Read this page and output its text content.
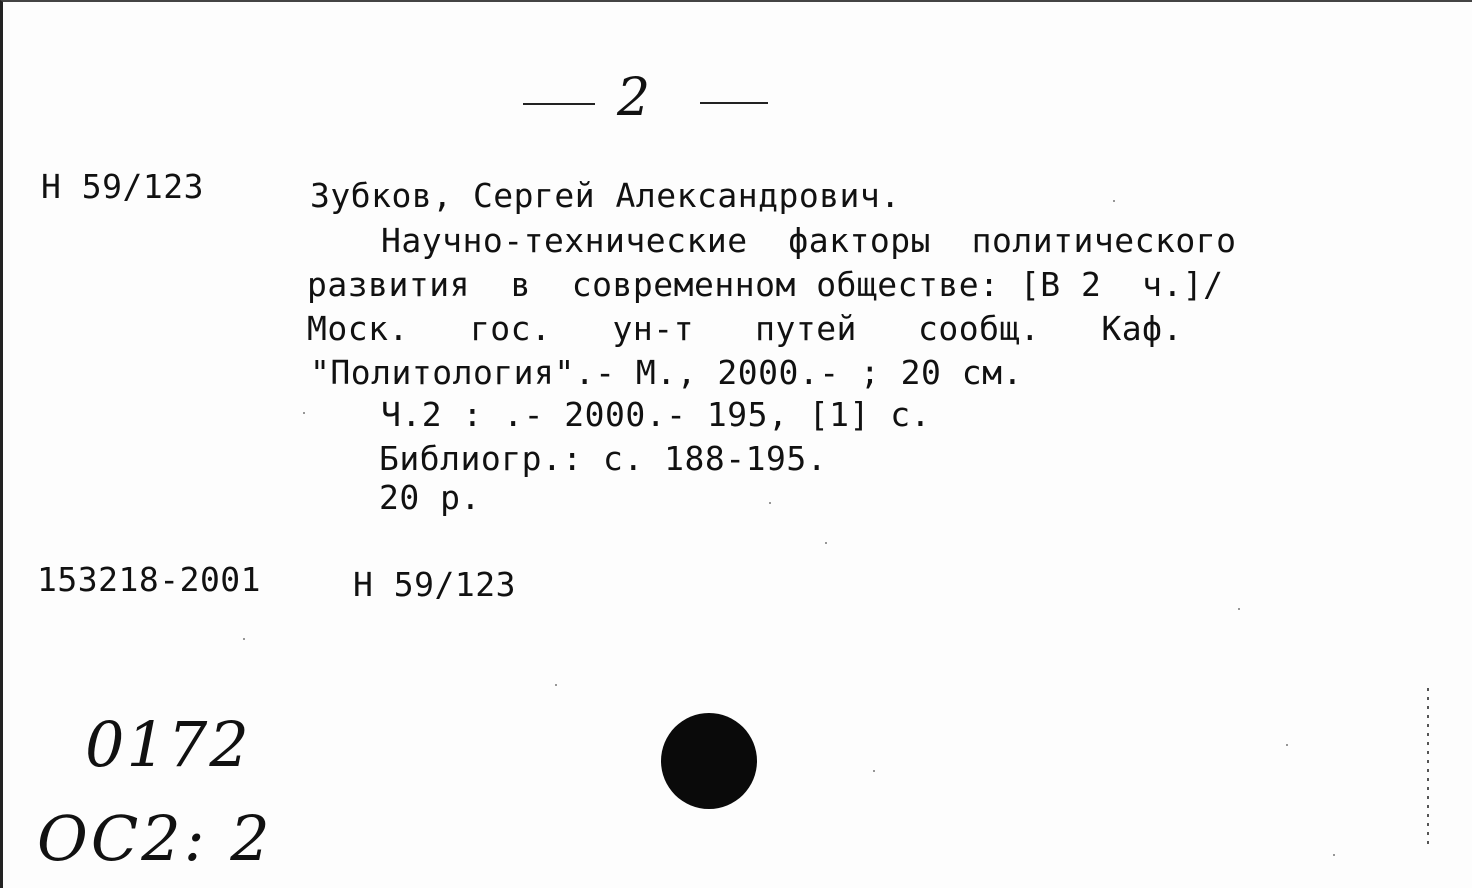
2
Н 59/123	Зубков, Сергей Александрович.
Научно-технические  факторы  политического
развития  в  современном обществе: [В 2  ч.]/
Моск.   гос.   ун-т   путей   сообщ.   Каф.
"Политология".- М., 2000.- ; 20 см.
Ч.2 : .- 2000.- 195, [1] с.
Библиогр.: с. 188-195.
20 р.
153218-2001	Н 59/123
0172
ОС2: 2
